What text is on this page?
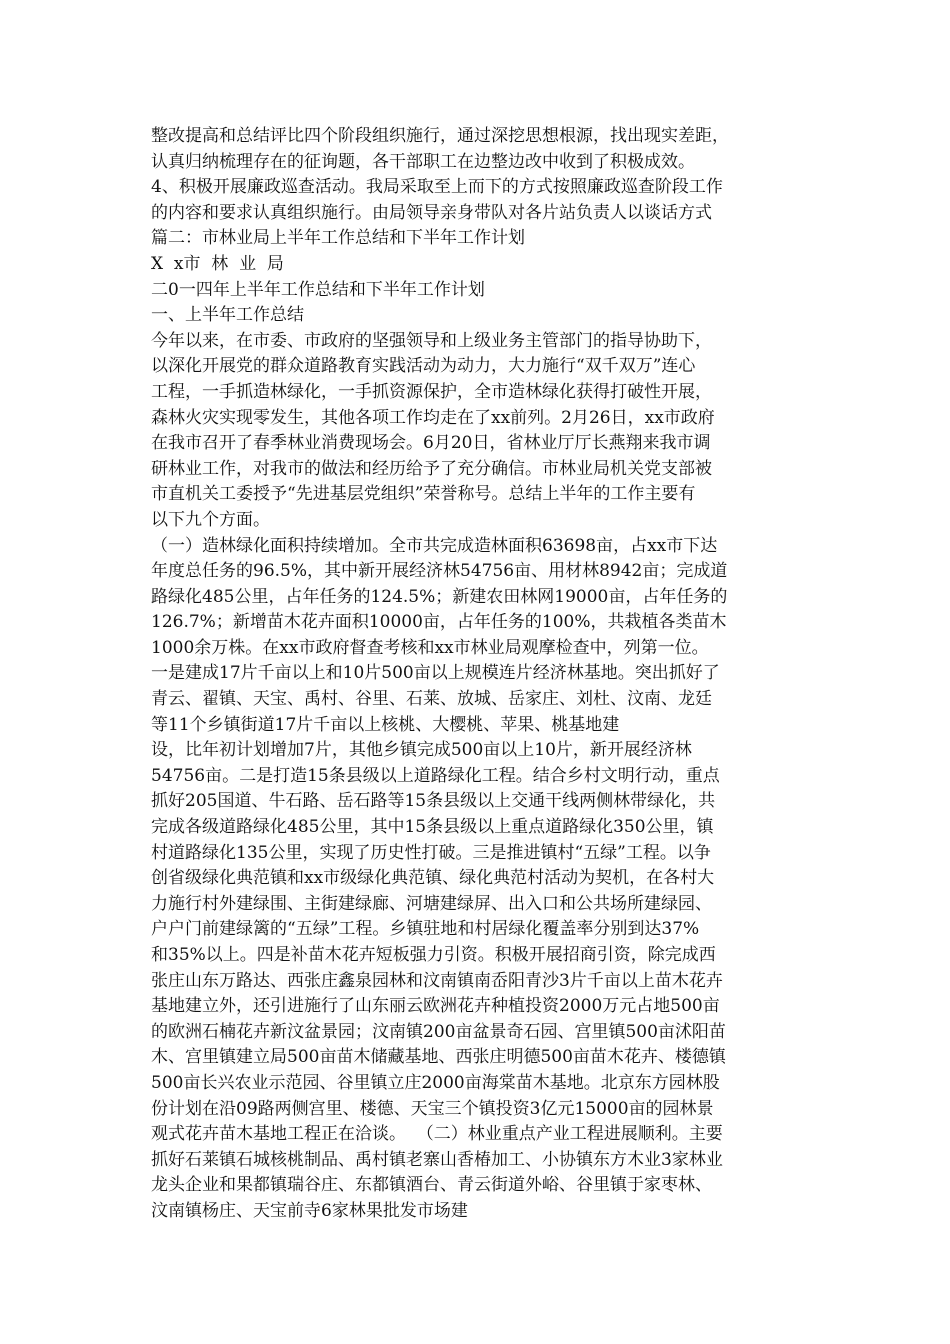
整改提高和总结评比四个阶段组织施行，通过深挖思想根源，找出现实差距，
认真归纳梳理存在的征询题，各干部职工在边整边改中收到了积极成效。
4、积极开展廉政巡查活动。我局采取至上而下的方式按照廉政巡查阶段工作
的内容和要求认真组织施行。由局领导亲身带队对各片站负责人以谈话方式
篇二：市林业局上半年工作总结和下半年工作计划
X  x市  林  业  局
二0一四年上半年工作总结和下半年工作计划
一、上半年工作总结
今年以来，在市委、市政府的坚强领导和上级业务主管部门的指导协助下，
以深化开展党的群众道路教育实践活动为动力，大力施行“双千双万”连心
工程，一手抓造林绿化，一手抓资源保护，全市造林绿化获得打破性开展，
森林火灾实现零发生，其他各项工作均走在了xx前列。2月26日，xx市政府
在我市召开了春季林业消费现场会。6月20日，省林业厅厅长燕翔来我市调
研林业工作，对我市的做法和经历给予了充分确信。市林业局机关党支部被
市直机关工委授予“先进基层党组织”荣誉称号。总结上半年的工作主要有
以下九个方面。
（一）造林绿化面积持续增加。全市共完成造林面积63698亩，占xx市下达
年度总任务的96.5%，其中新开展经济林54756亩、用材林8942亩；完成道
路绿化485公里，占年任务的124.5%；新建农田林网19000亩，占年任务的
126.7%；新增苗木花卉面积10000亩，占年任务的100%，共栽植各类苗木
1000余万株。在xx市政府督查考核和xx市林业局观摩检查中，列第一位。
一是建成17片千亩以上和10片500亩以上规模连片经济林基地。突出抓好了
青云、翟镇、天宝、禹村、谷里、石莱、放城、岳家庄、刘杜、汶南、龙廷
等11个乡镇街道17片千亩以上核桃、大樱桃、苹果、桃基地建
设，比年初计划增加7片，其他乡镇完成500亩以上10片，新开展经济林
54756亩。二是打造15条县级以上道路绿化工程。结合乡村文明行动，重点
抓好205国道、牛石路、岳石路等15条县级以上交通干线两侧林带绿化，共
完成各级道路绿化485公里，其中15条县级以上重点道路绿化350公里，镇
村道路绿化135公里，实现了历史性打破。三是推进镇村“五绿”工程。以争
创省级绿化典范镇和xx市级绿化典范镇、绿化典范村活动为契机，在各村大
力施行村外建绿围、主街建绿廊、河塘建绿屏、出入口和公共场所建绿园、
户户门前建绿篱的“五绿”工程。乡镇驻地和村居绿化覆盖率分别到达37%
和35%以上。四是补苗木花卉短板强力引资。积极开展招商引资，除完成西
张庄山东万路达、西张庄鑫泉园林和汶南镇南岙阳青沙3片千亩以上苗木花卉
基地建立外，还引进施行了山东丽云欧洲花卉种植投资2000万元占地500亩
的欧洲石楠花卉新汶盆景园；汶南镇200亩盆景奇石园、宫里镇500亩沭阳苗
木、宫里镇建立局500亩苗木储藏基地、西张庄明德500亩苗木花卉、楼德镇
500亩长兴农业示范园、谷里镇立庄2000亩海棠苗木基地。北京东方园林股
份计划在沿09路两侧宫里、楼德、天宝三个镇投资3亿元15000亩的园林景
观式花卉苗木基地工程正在洽谈。  （二）林业重点产业工程进展顺利。主要
抓好石莱镇石城核桃制品、禹村镇老寨山香椿加工、小协镇东方木业3家林业
龙头企业和果都镇瑞谷庄、东都镇酒台、青云街道外峪、谷里镇于家枣林、
汶南镇杨庄、天宝前寺6家林果批发市场建
